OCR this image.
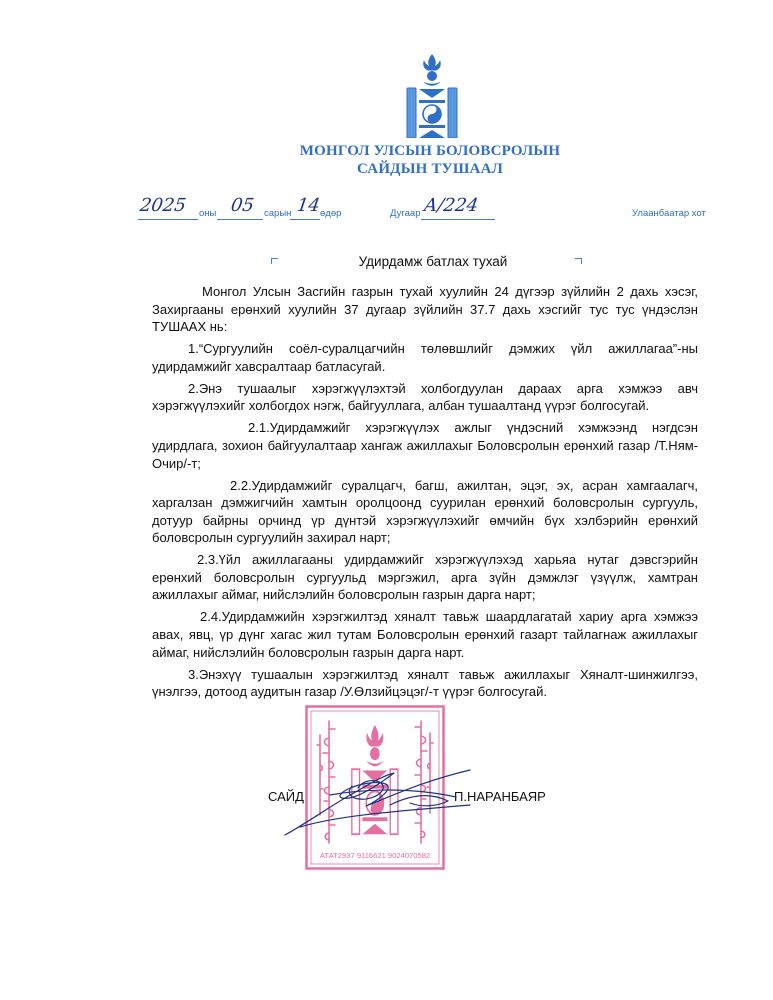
МОНГОЛ УЛСЫН БОЛОВСРОЛЫН
САЙДЫН ТУШААЛ
2025 оны 05 сарын 14
өдөр	Дугаар А/224	Улаанбаатар хот
Удирдамж батлах тухай

Монгол Улсын Засгийн газрын тухай хуулийн 24 дүгээр зүйлийн 2 дахь хэсэг, Захиргааны ерөнхий хуулийн 37 дугаар зүйлийн 37.7 дахь хэсгийг тус тус үндэслэн ТУШААХ нь:

1.“Сургуулийн соёл-суралцагчийн төлөвшлийг дэмжих үйл ажиллагаа”-ны удирдамжийг хавсралтаар батласугай.

2.Энэ тушаалыг хэрэгжүүлэхтэй холбогдуулан дараах арга хэмжээ авч хэрэгжүүлэхийг холбогдох нэгж, байгууллага, албан тушаалтанд үүрэг болгосугай.

2.1.Удирдамжийг хэрэгжүүлэх ажлыг үндэсний хэмжээнд нэгдсэн удирдлага, зохион байгуулалтаар хангаж ажиллахыг Боловсролын ерөнхий газар /Т.Ням-Очир/-т;

2.2.Удирдамжийг суралцагч, багш, ажилтан, эцэг, эх, асран хамгаалагч, харгалзан дэмжигчийн хамтын оролцоонд суурилан ерөнхий боловсролын сургууль, дотуур байрны орчинд үр дүнтэй хэрэгжүүлэхийг өмчийн бүх хэлбэрийн ерөнхий боловсролын сургуулийн захирал нарт;

2.3.Үйл ажиллагааны удирдамжийг хэрэгжүүлэхэд харьяа нутаг дэвсгэрийн ерөнхий боловсролын сургуульд мэргэжил, арга зүйн дэмжлэг үзүүлж, хамтран ажиллахыг аймаг, нийслэлийн боловсролын газрын дарга нарт;

2.4.Удирдамжийн хэрэгжилтэд хяналт тавьж шаардлагатай хариу арга хэмжээ авах, явц, үр дүнг хагас жил тутам Боловсролын ерөнхий газарт тайлагнаж ажиллахыг аймаг, нийслэлийн боловсролын газрын дарга нарт.

3.Энэхүү тушаалын хэрэгжилтэд хяналт тавьж ажиллахыг Хяналт-шинжилгээ, үнэлгээ, дотоод аудитын газар /У.Өлзийцэцэг/-т үүрэг болгосугай.

САЙД	П.НАРАНБАЯР
АТАТ2937 9116621 9024070582
